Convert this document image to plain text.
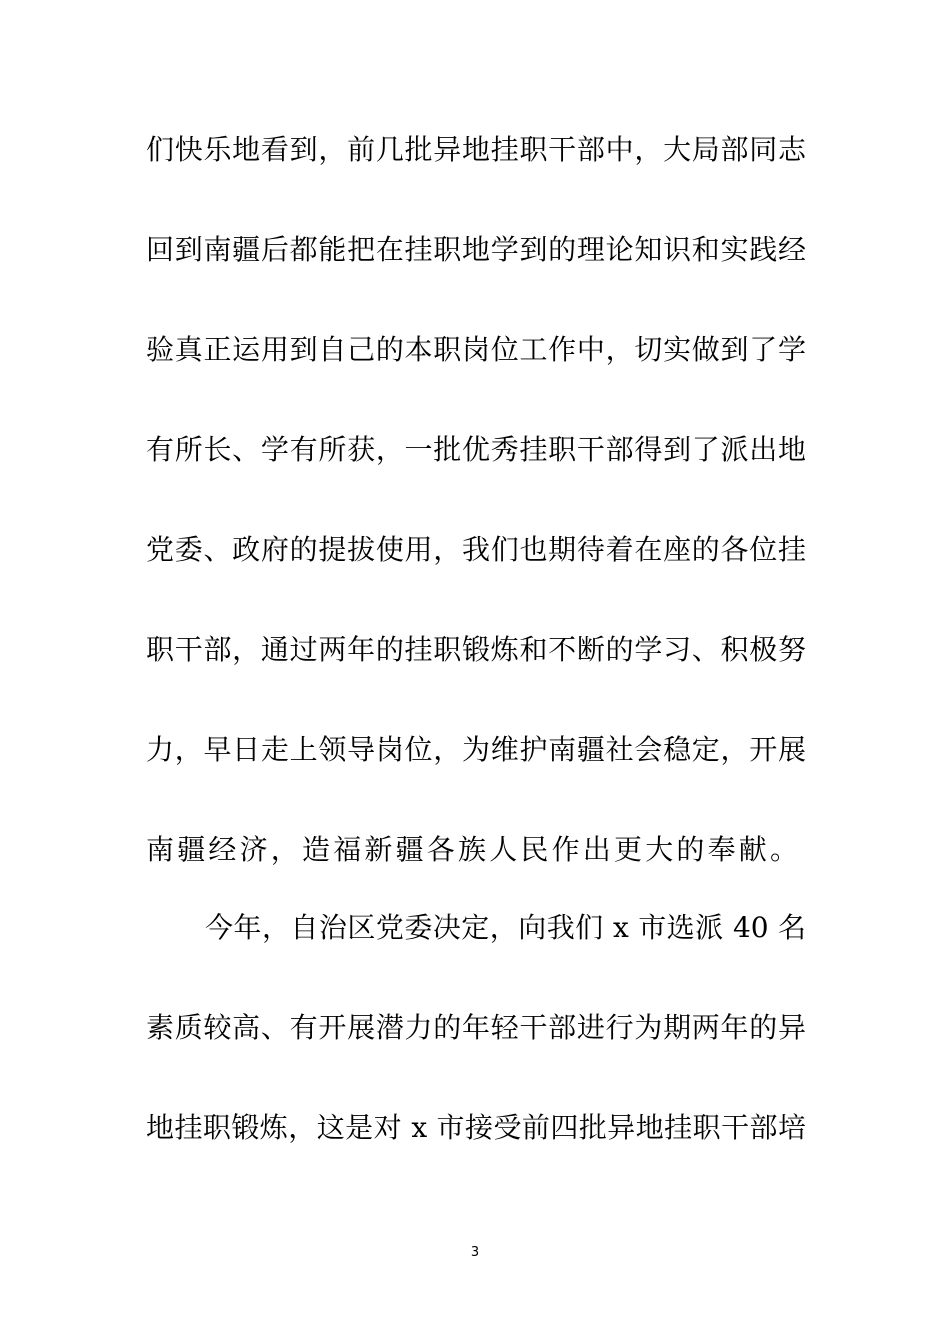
们快乐地看到，前几批异地挂职干部中，大局部同志
回到南疆后都能把在挂职地学到的理论知识和实践经
验真正运用到自己的本职岗位工作中，切实做到了学
有所长、学有所获，一批优秀挂职干部得到了派出地
党委、政府的提拔使用，我们也期待着在座的各位挂
职干部，通过两年的挂职锻炼和不断的学习、积极努
力，早日走上领导岗位，为维护南疆社会稳定，开展
南疆经济，造福新疆各族人民作出更大的奉献。
今年，自治区党委决定，向我们 x 市选派 40 名
素质较高、有开展潜力的年轻干部进行为期两年的异
地挂职锻炼，这是对 x 市接受前四批异地挂职干部培
3
